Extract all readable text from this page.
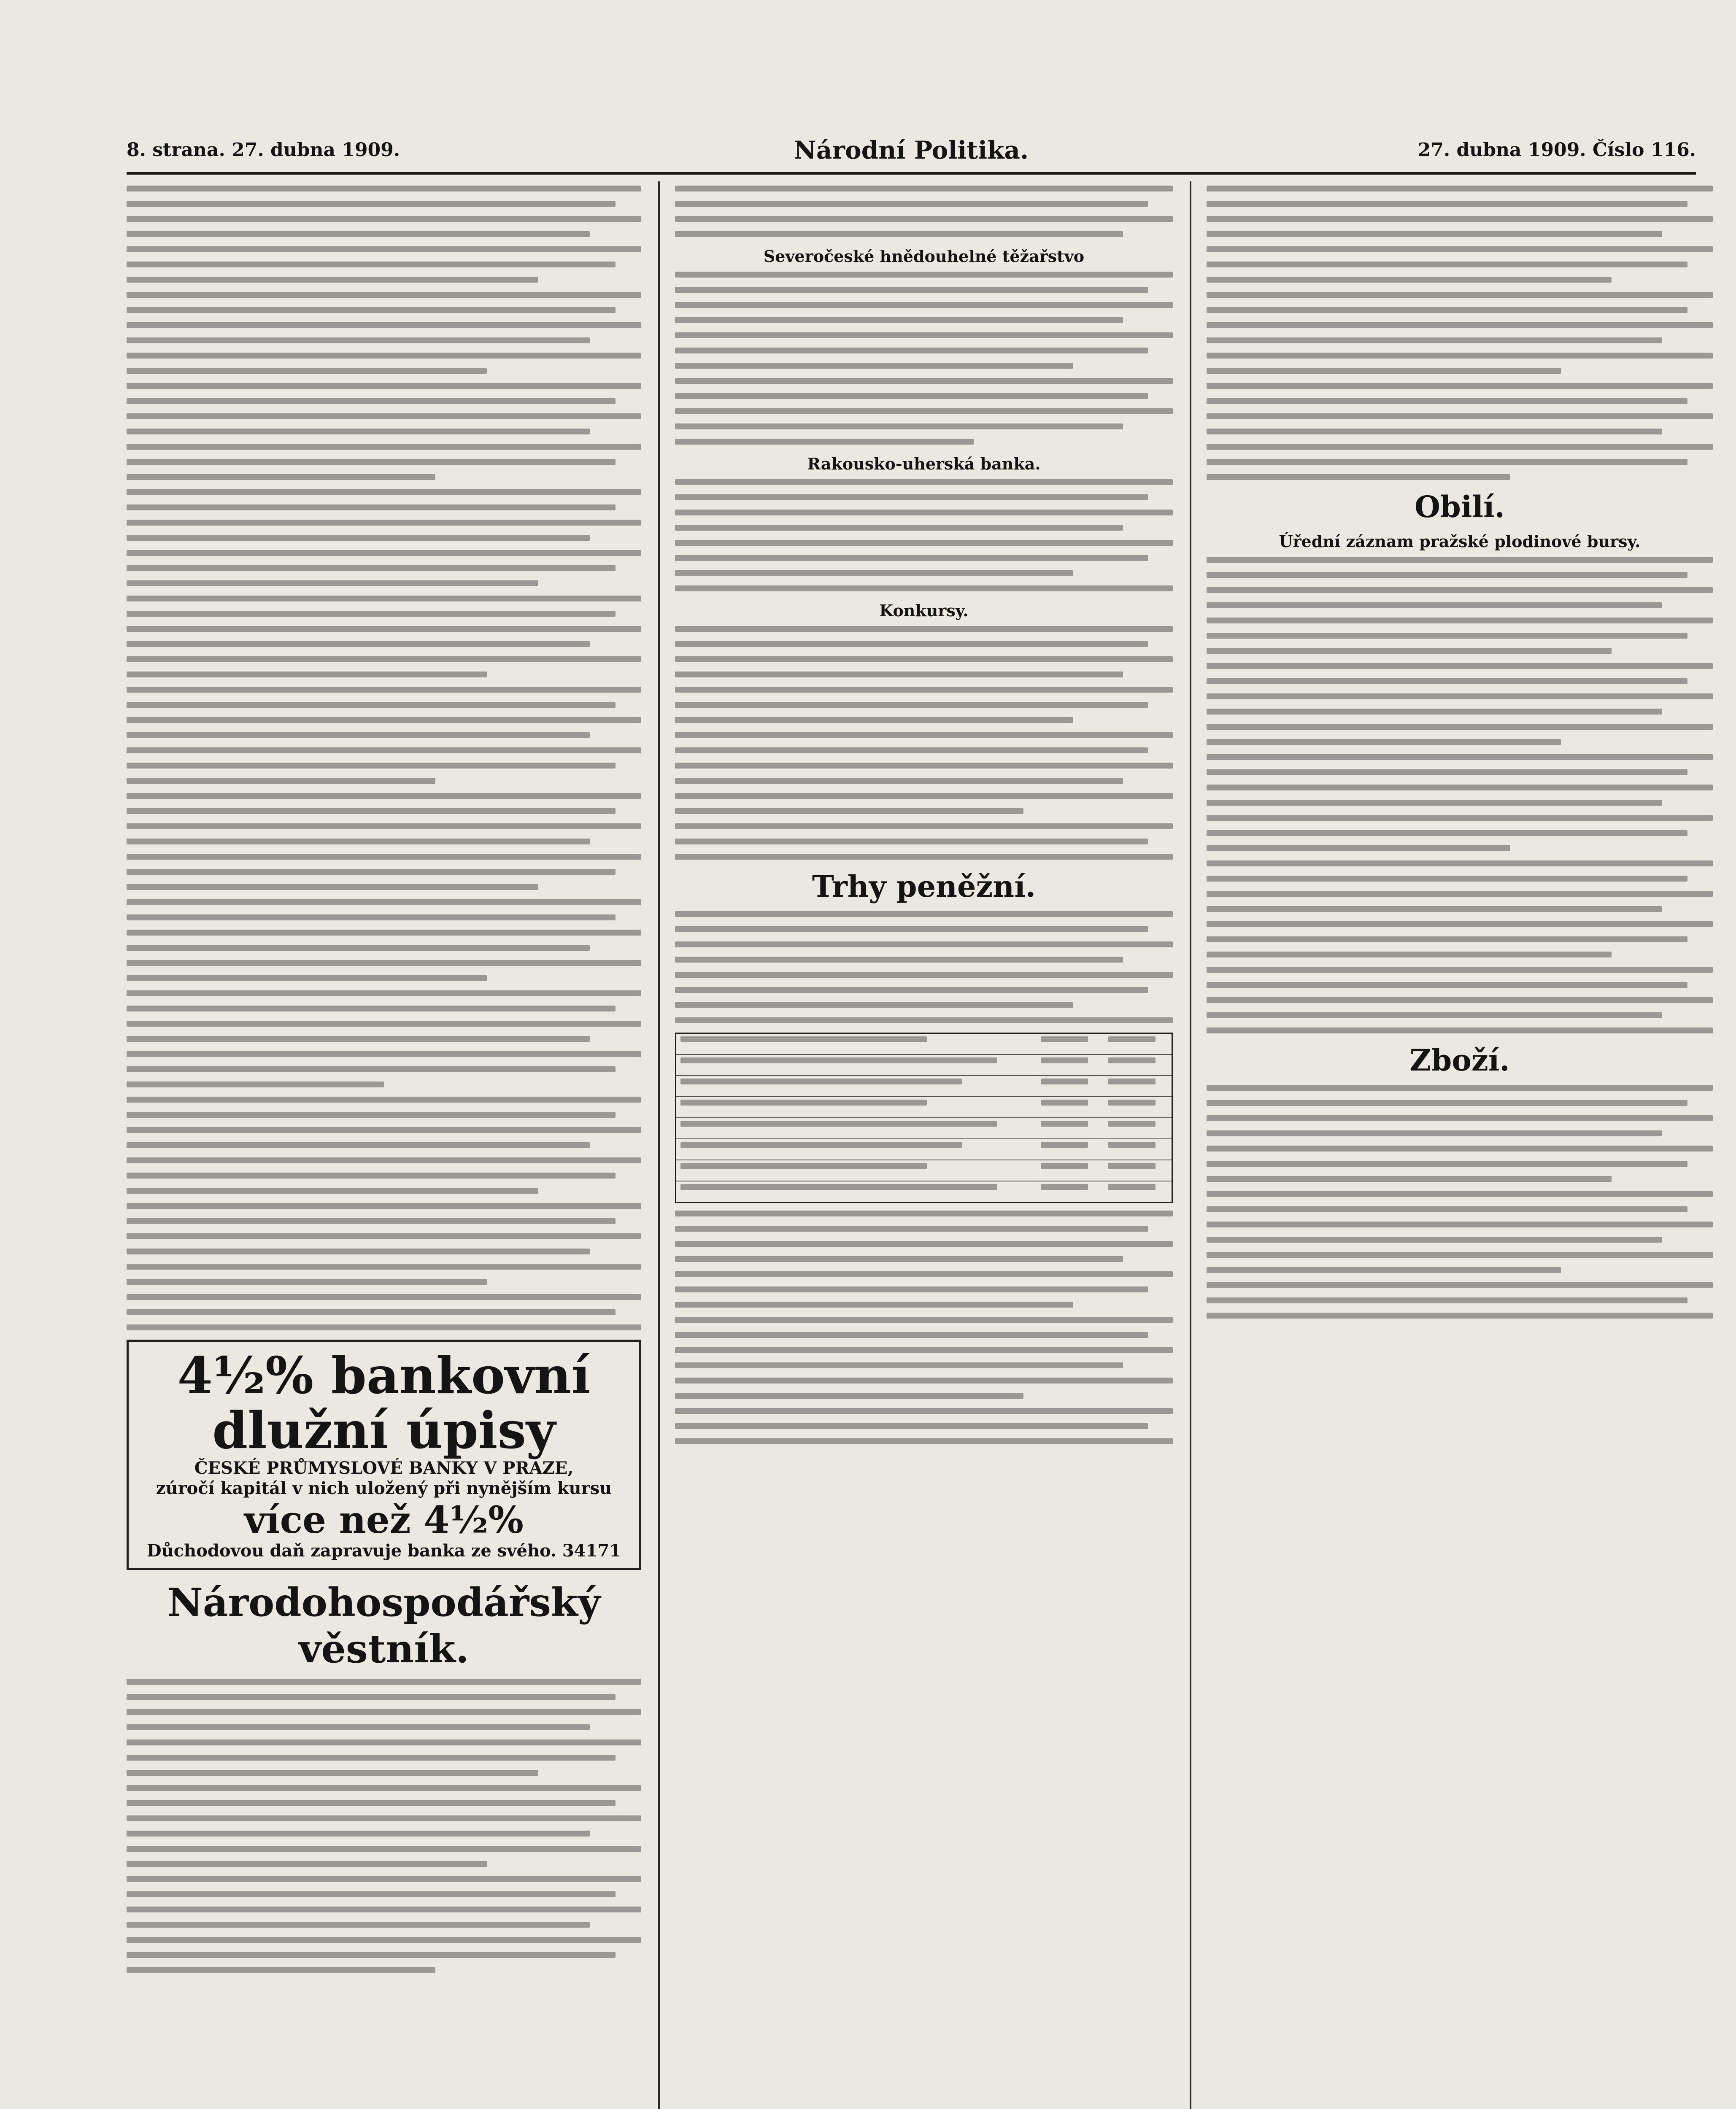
8. strana. 27. dubna 1909.	Národní Politika.	27. dubna 1909. Číslo 116.
4½% bankovní dlužní úpisy
ČESKÉ PRŮMYSLOVÉ BANKY V PRAZE,
zúročí kapitál v nich uložený při nynějším kursu
více než 4½%
Důchodovou daň zapravuje banka ze svého. 34171
Národohospodářský věstník.
Severočeské hnědouhelné těžařstvo
Rakousko-uherská banka.
Konkursy.
Trhy peněžní.
Obilí.
Úřední záznam pražské plodinové bursy.
Zboží.
